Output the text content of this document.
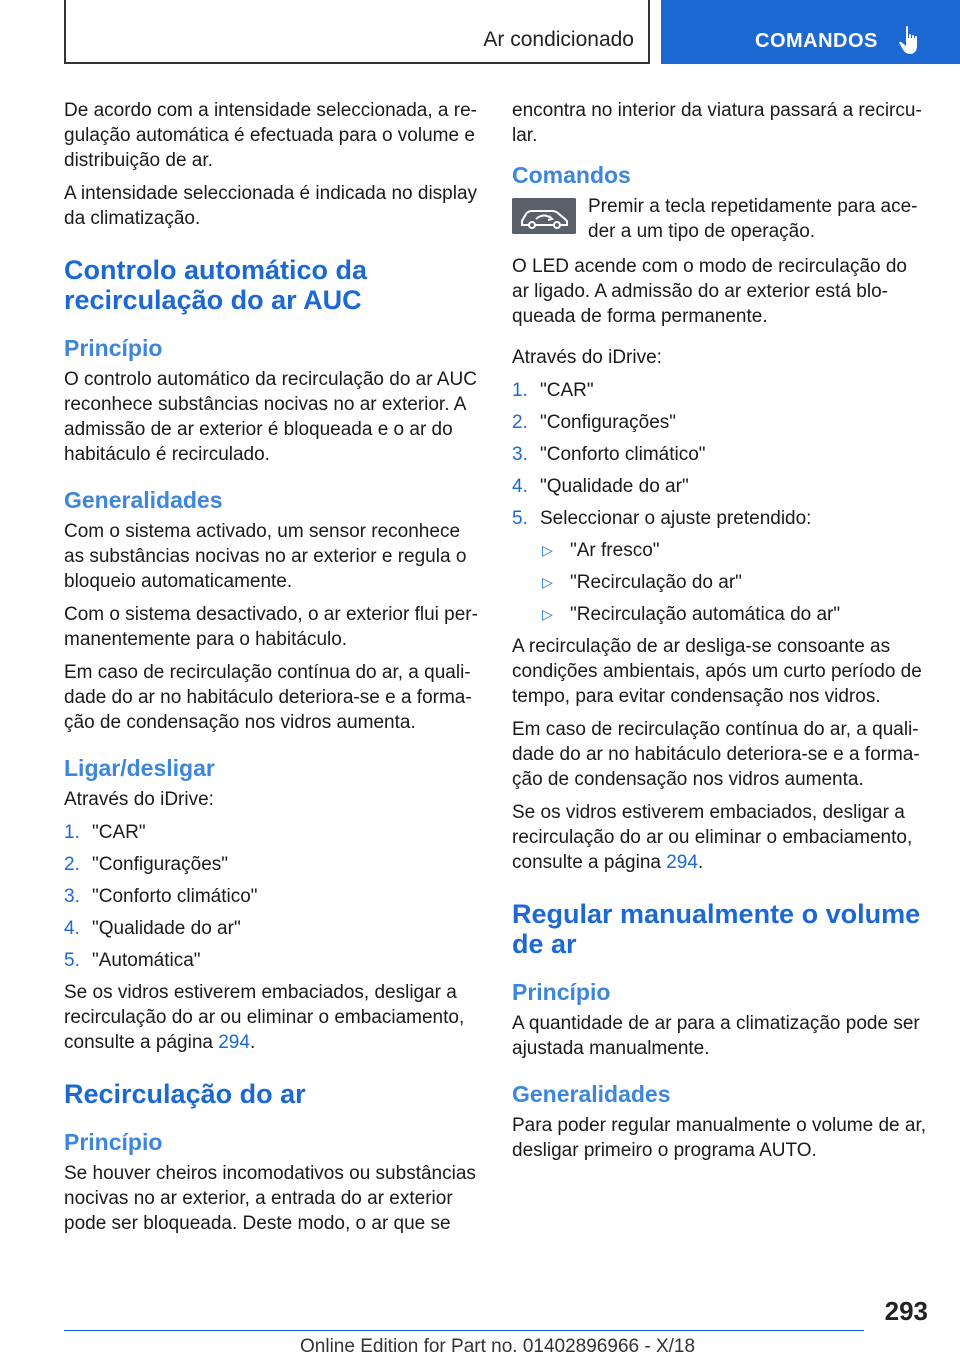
Ar condicionado	COMANDOS

De acordo com a intensidade seleccionada, a regulação automática é efectuada para o volume e distribuição de ar.

A intensidade seleccionada é indicada no display da climatização.

Controlo automático da recirculação do ar AUC
Princípio

O controlo automático da recirculação do ar AUC reconhece substâncias nocivas no ar exterior. A admissão de ar exterior é bloqueada e o ar do habitáculo é recirculado.

Generalidades

Com o sistema activado, um sensor reconhece as substâncias nocivas no ar exterior e regula o bloqueio automaticamente.

Com o sistema desactivado, o ar exterior flui permanentemente para o habitáculo.

Em caso de recirculação contínua do ar, a qualidade do ar no habitáculo deteriora-se e a formação de condensação nos vidros aumenta.

Ligar/desligar

Através do iDrive:

1. "CAR"
2. "Configurações"
3. "Conforto climático"
4. "Qualidade do ar"
5. "Automática"

Se os vidros estiverem embaciados, desligar a recirculação do ar ou eliminar o embaciamento, consulte a página 294.

Recirculação do ar
Princípio

Se houver cheiros incomodativos ou substâncias nocivas no ar exterior, a entrada do ar exterior pode ser bloqueada. Deste modo, o ar que se

encontra no interior da viatura passará a recircular.

Comandos
Premir a tecla repetidamente para aceder a um tipo de operação.

O LED acende com o modo de recirculação do ar ligado. A admissão do ar exterior está bloqueada de forma permanente.

Através do iDrive:

1. "CAR"
2. "Configurações"
3. "Conforto climático"
4. "Qualidade do ar"
5. Seleccionar o ajuste pretendido:
▷ "Ar fresco"
▷ "Recirculação do ar"
▷ "Recirculação automática do ar"

A recirculação de ar desliga-se consoante as condições ambientais, após um curto período de tempo, para evitar condensação nos vidros.

Em caso de recirculação contínua do ar, a qualidade do ar no habitáculo deteriora-se e a formação de condensação nos vidros aumenta.

Se os vidros estiverem embaciados, desligar a recirculação do ar ou eliminar o embaciamento, consulte a página 294.

Regular manualmente o volume de ar
Princípio

A quantidade de ar para a climatização pode ser ajustada manualmente.

Generalidades

Para poder regular manualmente o volume de ar, desligar primeiro o programa AUTO.

293
Online Edition for Part no. 01402896966 - X/18
